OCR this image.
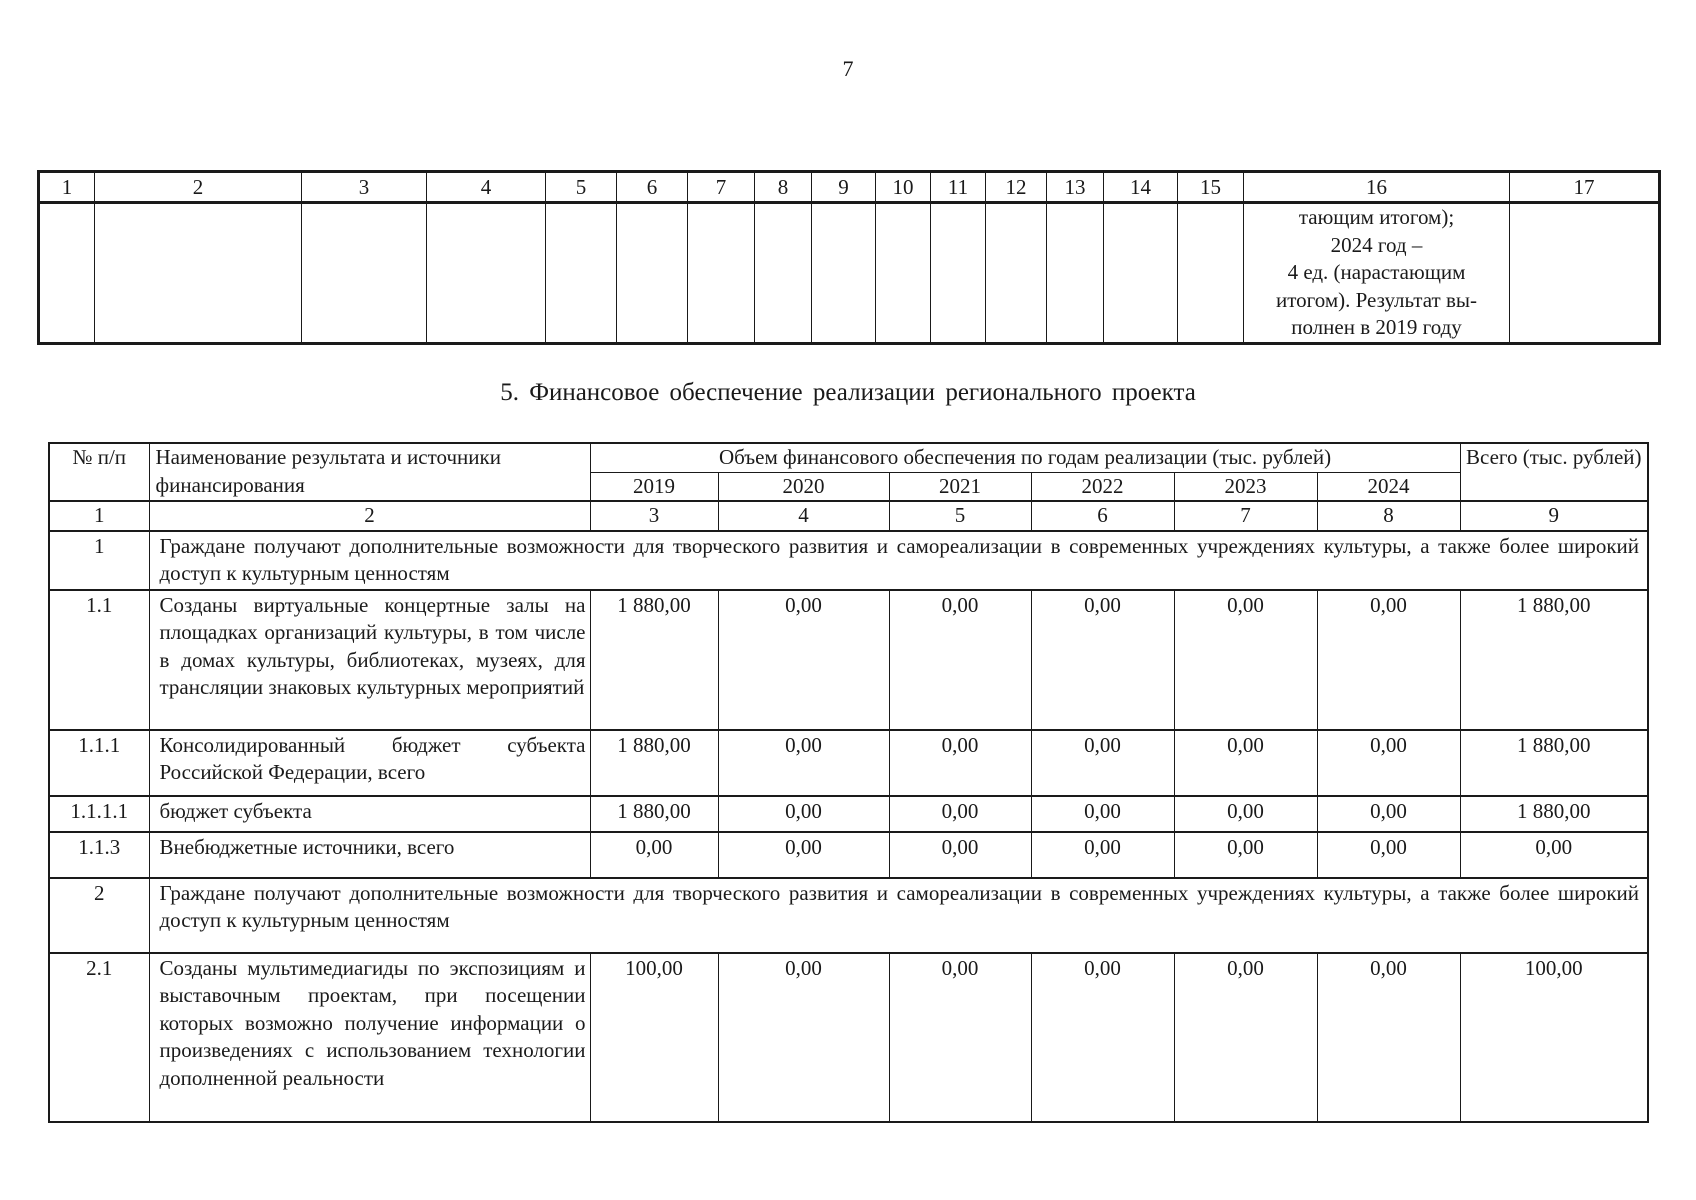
7
1	2	3	4	5	6	7	8	9	10	11	12	13	14	15	16	17

															тающим итогом);
2024 год –
4 ед. (нарастающим
итогом). Результат вы-
полнен в 2019 году	

5. Финансовое обеспечение реализации регионального проекта
№ п/п	Наименование результата и источники финансирования	Объем финансового обеспечения по годам реализации (тыс. рублей)						Всего (тыс. рублей)
		2019	2020	2021	2022	2023	2024	
1	2	3	4	5	6	7	8	9
1	Граждане получают дополнительные возможности для творческого развития и самореализации в современных учреждениях культуры, а также более широкий доступ к культурным ценностям							
1.1	Созданы виртуальные концертные залы на площадках организаций культуры, в том числе в домах культуры, библиотеках, музеях, для трансляции знаковых культурных мероприятий	1 880,00	0,00	0,00	0,00	0,00	0,00	1 880,00
1.1.1	Консолидированный бюджет субъекта Российской Федерации, всего	1 880,00	0,00	0,00	0,00	0,00	0,00	1 880,00
1.1.1.1	бюджет субъекта	1 880,00	0,00	0,00	0,00	0,00	0,00	1 880,00
1.1.3	Внебюджетные источники, всего	0,00	0,00	0,00	0,00	0,00	0,00	0,00
2	Граждане получают дополнительные возможности для творческого развития и самореализации в современных учреждениях культуры, а также более широкий доступ к культурным ценностям							
2.1	Созданы мультимедиагиды по экспозициям и выставочным проектам, при посещении которых возможно получение информации о произведениях с использованием технологии дополненной реальности	100,00	0,00	0,00	0,00	0,00	0,00	100,00
